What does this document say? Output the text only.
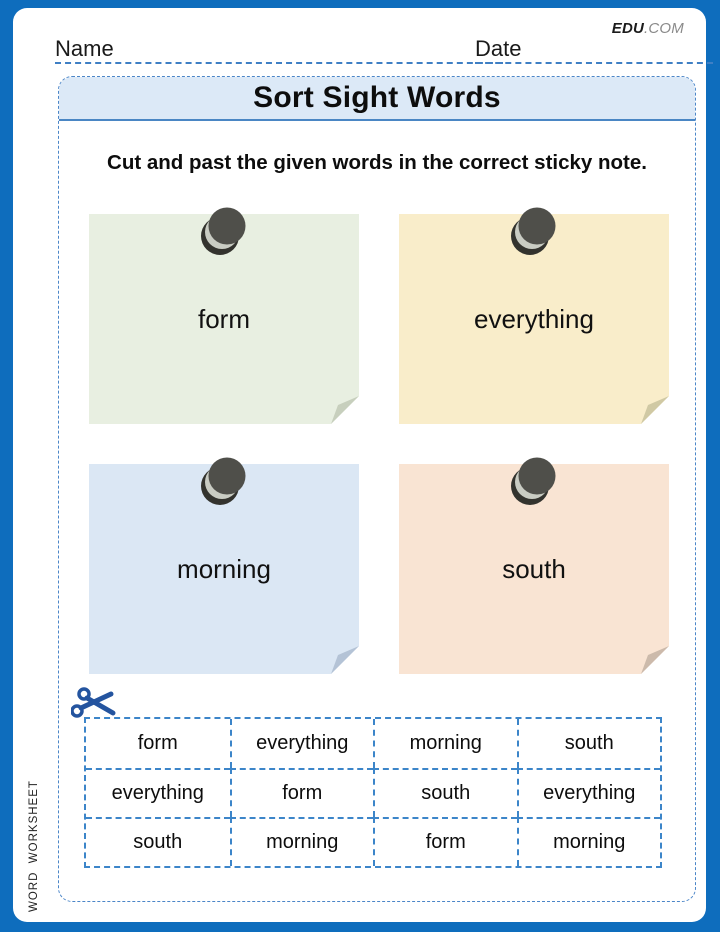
EDU.COM
Name	Date
Sort Sight Words
Cut and past the given words in the correct sticky note.
form	everything
morning	south
form	everything	morning	south
everything	form	south	everything
south	morning	form	morning
WORD  WORKSHEET
